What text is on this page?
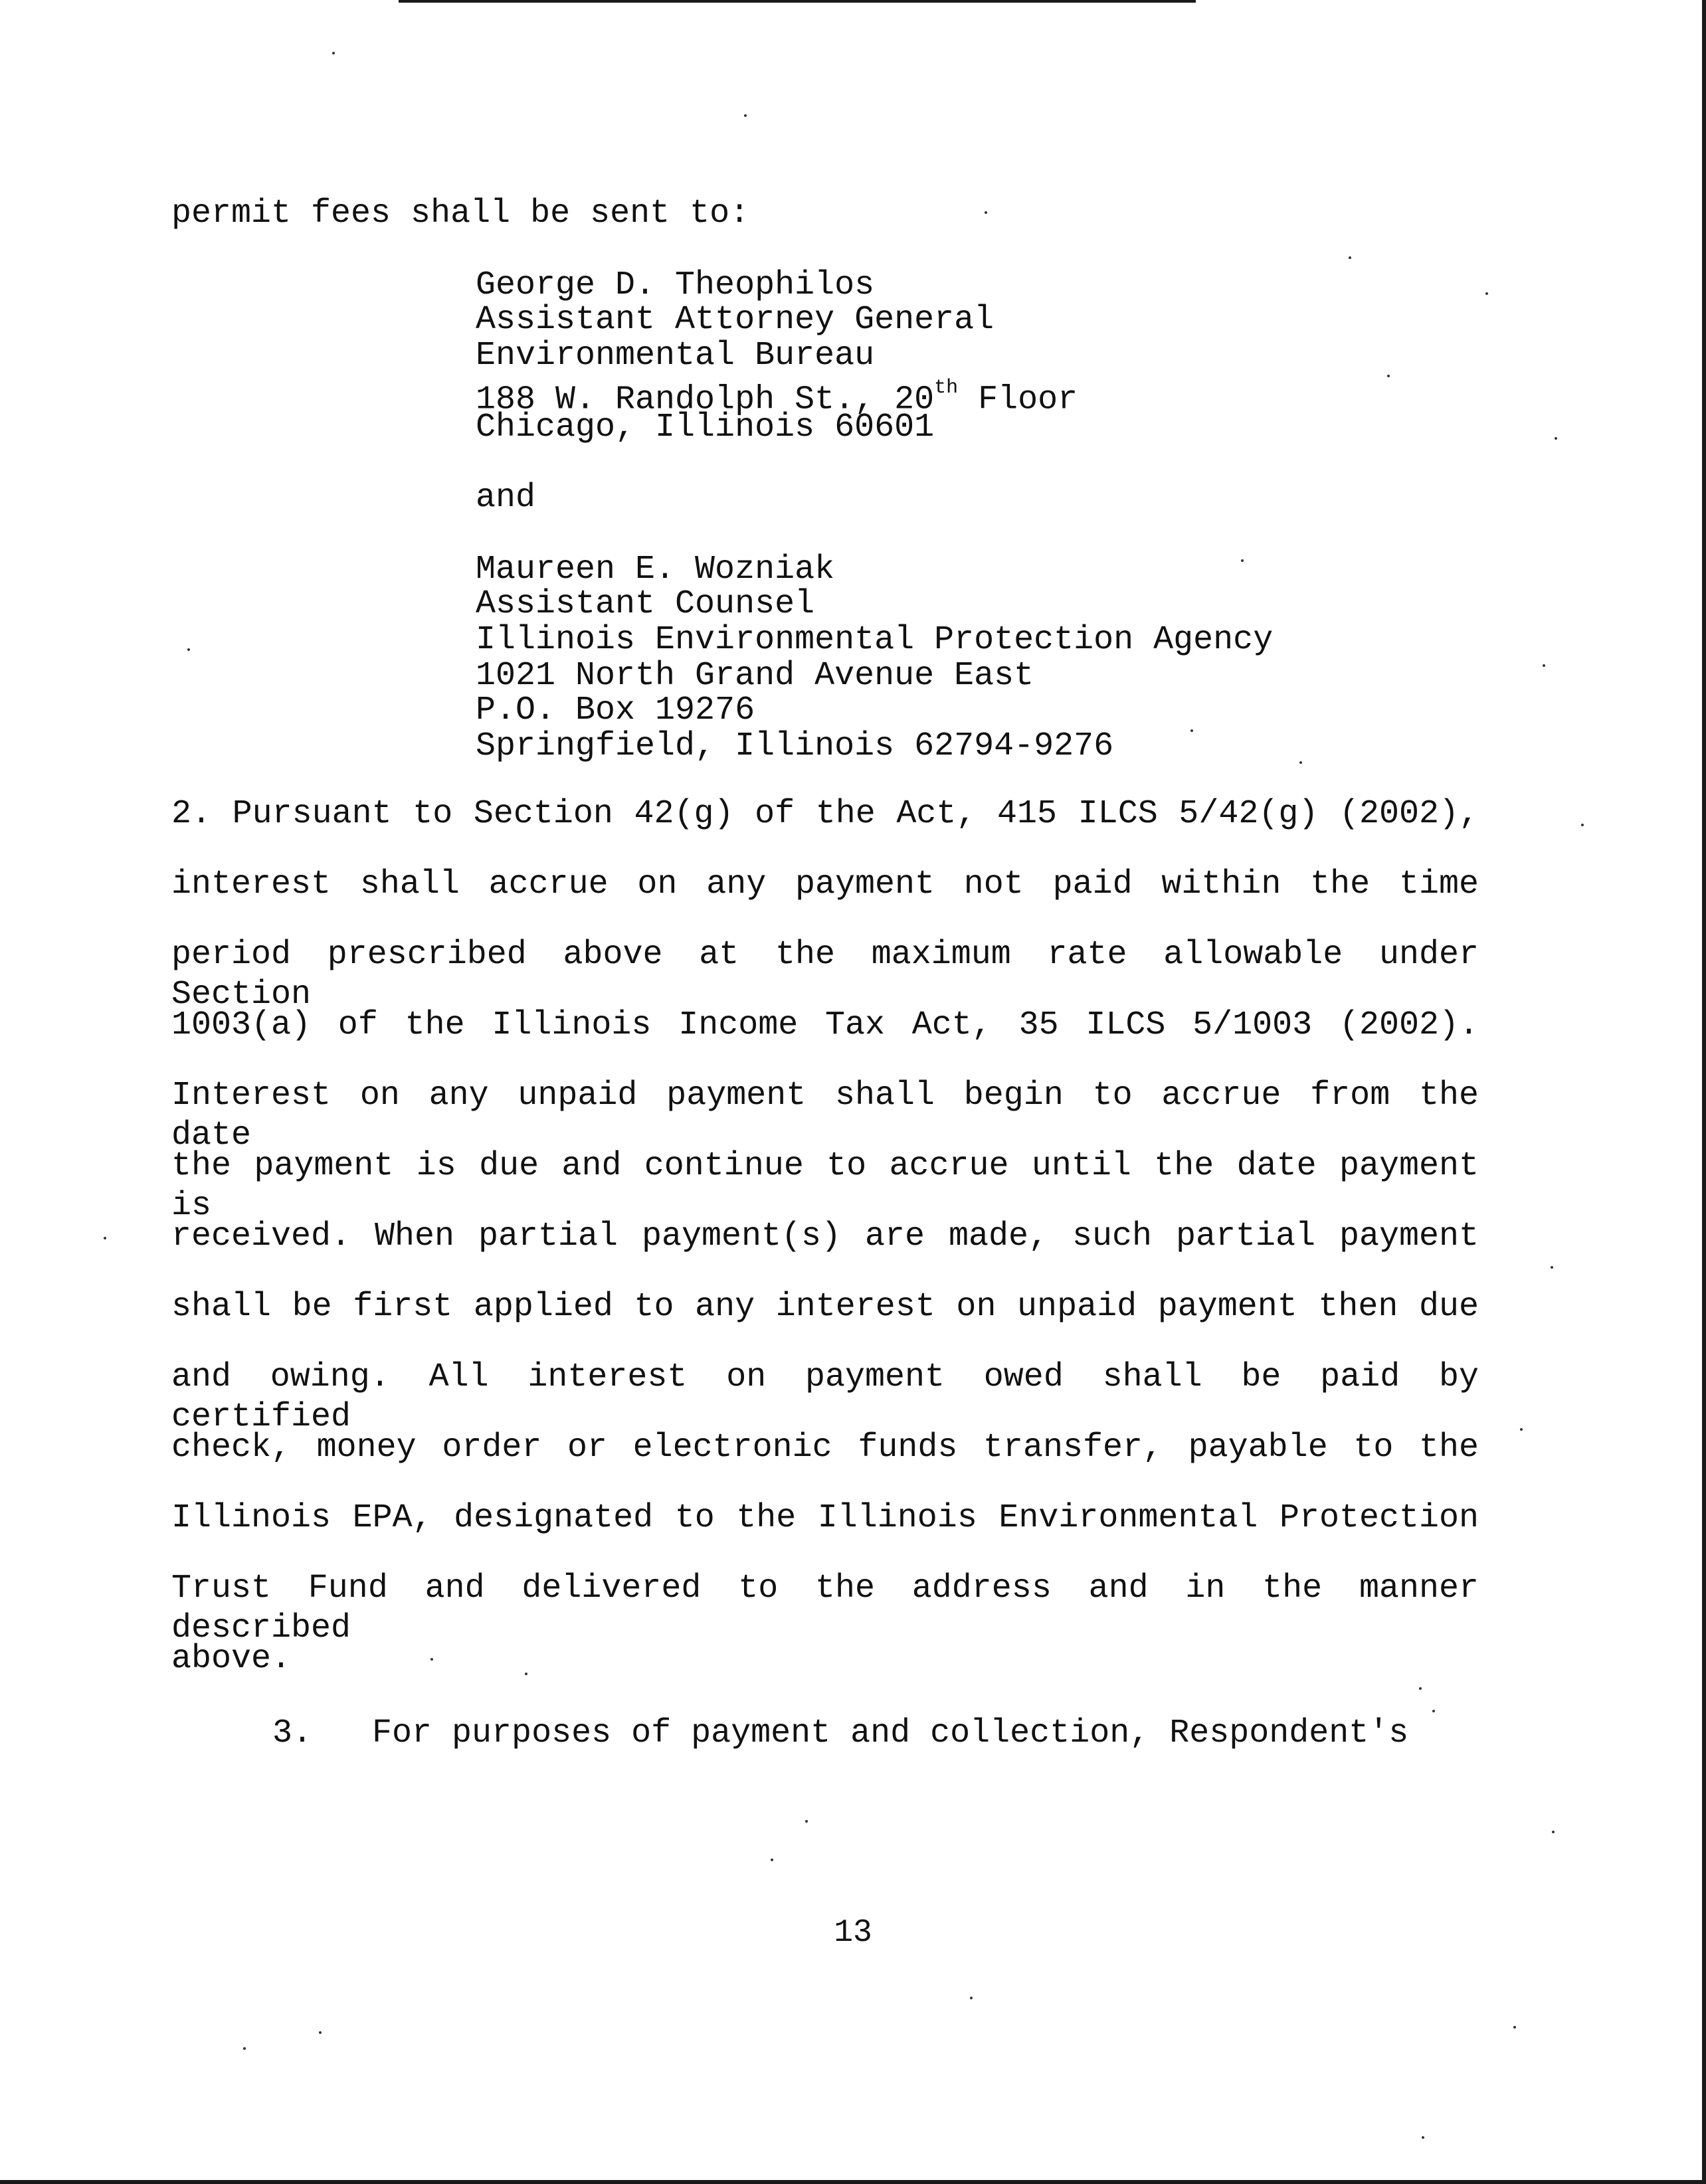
permit fees shall be sent to:
George D. Theophilos
Assistant Attorney General
Environmental Bureau
188 W. Randolph St., 20th Floor
Chicago, Illinois 60601
and
Maureen E. Wozniak
Assistant Counsel
Illinois Environmental Protection Agency
1021 North Grand Avenue East
P.O. Box 19276
Springfield, Illinois 62794-9276
2. Pursuant to Section 42(g) of the Act, 415 ILCS 5/42(g) (2002),
interest shall accrue on any payment not paid within the time
period prescribed above at the maximum rate allowable under Section
1003(a) of the Illinois Income Tax Act, 35 ILCS 5/1003 (2002).
Interest on any unpaid payment shall begin to accrue from the date
the payment is due and continue to accrue until the date payment is
received. When partial payment(s) are made, such partial payment
shall be first applied to any interest on unpaid payment then due
and owing. All interest on payment owed shall be paid by certified
check, money order or electronic funds transfer, payable to the
Illinois EPA, designated to the Illinois Environmental Protection
Trust Fund and delivered to the address and in the manner described
above.
3.   For purposes of payment and collection, Respondent's
13
